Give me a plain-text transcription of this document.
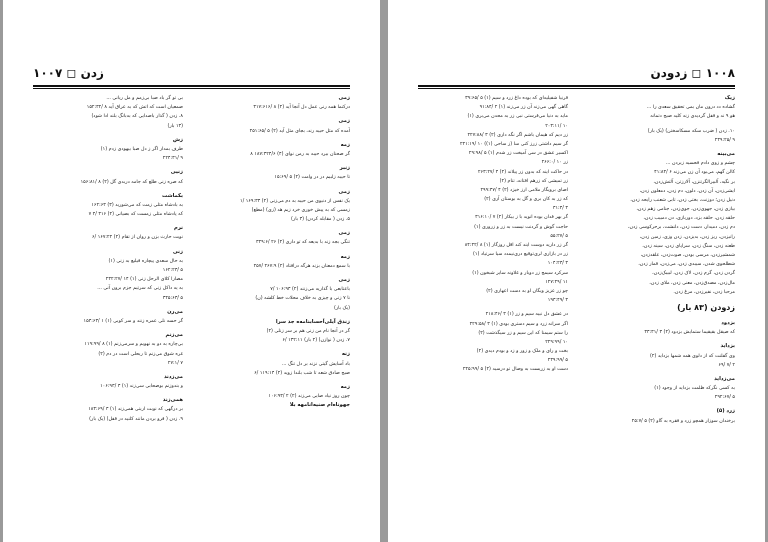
زدن ◻ ۱۰۰۷
زمی
درکنما همه رنی عمل دل آنجا آید (۲) ۸ /۳۱۷:۶۱۶
زمی
آمده که مثل حیبه رند، بجای مثل آید (۲) ۵ /۲۵۱:۶۵
زمه
گر صحنان بیرد حیبه به رمن نوای (۴) ۱۸۷:۳۲۴/۶ ۸
زنبر
تا حیبه زلبیم در در وامت (۲) ۵ /۱۵:۶۹
زمی
یک نفس از دنیوی من حیبه به دم می‌زنی (۲) ۱۶۹:۳۳ /۱
زمسی که به پیش خوری خرد زیم هد (زی) (مطع)
۵. زدن ( مقابله کردن) (۳ بار)
زمی
تنگی بجه زند با بدیعه که تو داری (۲) ۲۶ /۳۲۹:۶
زمه
با سمع دمعنان بزند هرگه درافتاد (۲) ۲۶۷:۹ /۲۵۷
زمی
باعتابعی با گذاریه می‌زنند (۲) ۱۰۶:۹۳ /۷
نا ۷ زنی و چیزی به خلاف محلات خط کلشه (ن)
(یک بار)
زندق آیلی‌اَحسابنامه‌ه جد سرا
گر در آنجا نام من زنی هم بر سر زنلی (۲)
۷. زدن ( نوازن) (۲ بار) ۱۳۲:۱۱ /۶
زنه
باد آسایش گیتی نزند بر دل تنگ ...
صبح صادق شعه تا شب بلندا زوید (۲) ۱۱۹:۱۴ /۶
زمه
چون روز نیاد صایی می‌زند (۲) ۲ /۱۰۶:۹۳
جهوناه‌ام صنیه‌انامهه بلا
بی تو گر باد صبا بی‌زمم و مل ریانی ...
صمعیان است که اتش که به عراق آید ۸ /۱۵۲:۳۲
۸. زدن ( گذار باصدایی که به‌بانگ بلند ادا شود)
(۱۳ بار)
زش
طرف بمدار اگر ز دل صبا بیهودی زدم (۱)
۹ /۲۲۴:۳۱
زنیی
که صره زنی طلع که جامه دربدی گل (۲) ۸ /۱۵۶:۸۱
بکماشت
به بادشاه مثلی زمت که می‌شورید (۳) ۱۶۲:۶۳
که پادشاه مثلی زمست که بصیانی (۲) ۳۱۶ /۴ ۷
نرم
نوبت حارث بزن و روان از تقام (۲) ۱۶۷:۲۲ /۶
زنی
به حال سعدی پیچاره فیلیع به زنی (۱)
۵ /۱۶۲:۲۳
مصارا کلای الرحل زنی (۱) ۱۴ /۲۳۲:۲۷
به یه داکل زنی که سرتیم جزم برون آنی ...
۵ /۳۴۵:۶۳
می‌رن
گر حسه نلی عمره زنند و سر کوبی (۱) ۱ /۱۵۴:۶۳
می‌زنم
بی‌چاره به دو به نهویم و سرمی‌زنم (۱) ۸ /۱۱۹:۹۹
غره شوق می‌زنم تا ربحلی است در دم (۲)
۷ /۲۷:۱
می‌زدند
و بندوزنم بوصحابی سی‌زند (۱) ۳ /۱۰۶:۹۳
همی‌زند
بر درگهی که نوبت اربتی همی‌زند (۱) ۳ /۱۸۳:۶۹
۹. زدن ( فرو بردن مانند کلنید در قفل) (یک بار)
۱۰۰۸ ◻ زدودن
زیک
گشاده دد درون مان بمی تحقیق سعدی را ...
هو ۹ ند و قفل گردیدی زنه کلید صبح دتمانه
۱۰. زدن ( ضرب سکه مسکاسختن) (یک بار)
۹ /۲۳۹:۲۵
می‌بینه
چشم و زوی دادم فحسیه زبردن ...
کالن گهم، می‌بود آن زن می‌زند ۶ /۴۱:۸۴
بر نگیه، آلبیرالگرتنزن، آلارزتن، آلتش‌زدن،
ایشی‌زدن، آن زدن، دلون، دم زدن، دمعلون زدن،
دنیل زدن؛ دوزنت، بختی زدن، تابی شعنب رایحه زدن،
بیازی زدن، جهوی‌زدن، جوی‌زدن، جنامی زهم زدن،
حلقه زدن، حلقه بزد، دوربازی، دن دمبیب زدن،
دم زدن، دمیدار، دست زدن، دلنشت، برحرکوسی زدن،
رانیزدن، ریز زدن، بدیزدن، زدن وزی، زمین زدن،
طعنه زدن، سنگ زدن، سراپای زدن، سینه زدن،
شمشیرزدن، مرسی بودن، صوت‌زدن، علقدزدن،
شطلحوی شدن، سیبدی زدن، می‌زدن، قمار زدن،
گردن زدن، گرم زدن، لاک زدن، لبیبک‌زدن،
مال‌زدن، مصدق‌زدن، معنی زدن، ملای زدن،
مرحبا زدن، نفیرزدن، مرغ زدن.
زدودن (۸۳ بار)
بزدود
که صیقل بقیقیما ستمایش بزدود (۲) ۳ /۳۳:۳۱
بزداید
وی گفلنت که از دلوی همه شمها بزداید (۲)
۲ /۷ /۶۹
می‌زداید
به کسی نگرکه ظلمت بزداید از وجود (۱)
۵ /۲۹۲:۶۷
زرد (۵)
برخندان سوزار همچو زرد و فقره به گاو (۲) ۵ /۲۵:۷
قرنیا شفیلیه‌ای که بوده داغ زرد و سیم (۱) ۵ /۳۹:۶۵
گاهی گهی می‌زند آن زر می‌زند (۱) ۲ /۹۱:۸۴
ماید به دنیا می‌فرستی نبی زر به محدن می‌بری (۱)
۱۰ /۲۰۳:۱۱
زر دیم که هیمان باشم اگر نگه داری (۲) ۳ /۲۲۷:۸۸
گر سیم داشتی زرز کنی سا (ز ساحی (۱)) ۱۰ /۲۴۱:۱۹
اکسیر عشق در سی آمیخت زر شدم (۱) ۵ /۲۹:۹۸
زر ۱۰ /۲۶۶:۰
در حاکت اینه که بدون زر پیلاند (۲) ۴ /۲۶۳:۲۷
زر تمیشی که زرهم افتانه، تنام (۲)
اصای برویگار ملامی ارز خیزد (۲) ۴ /۲۹۹:۴۷
که زر به کان بری و گل به بوستان آری (۲)
۳ /۳۱:۳
گر بهر فدان بوده انوید با ز بیکار (۲) ۷ /۳۱۶:۱۰
حاجت گوش و گردنت نیست به زر و زروری (۱)
۵ /۵۵:۲۷
گر زر دارید دوست ایند کند اقل روزگار (۱) ۸ /۸۴:۴۲
زر در بازاری لری‌توقیع دری‌نیمدد سیا سرتیاد (۱)
۳ /۱۰۴:۲۳
سرکرد سیمج زر دوبار و غلاونه سایر شبخون (۱)
۱۱ /۱۲۷:۴۹
چو زر عزیز ویگان او به دست اعهاری (۲)
۳ /۱۹۳:۴۹
در عشق دل نبیه سیم و زر (۱) ۳ /۲۱۸:۴۶
اگر سرانه زرد و سیم دستری بودی (۱) ۳ /۲۲۹:۵۸
را ستم سیمنا که این سیم و زر سیگذشت (۲)
۱۰ /۲۲۹:۹۹
بخت و رای و ملک و زور و زد و بودم دیدی (۲)
۵ /۲۳۹:۹۹
دست او به زربست به وصال تو درسید (۲) ۵ /۲۴۵:۹۹
